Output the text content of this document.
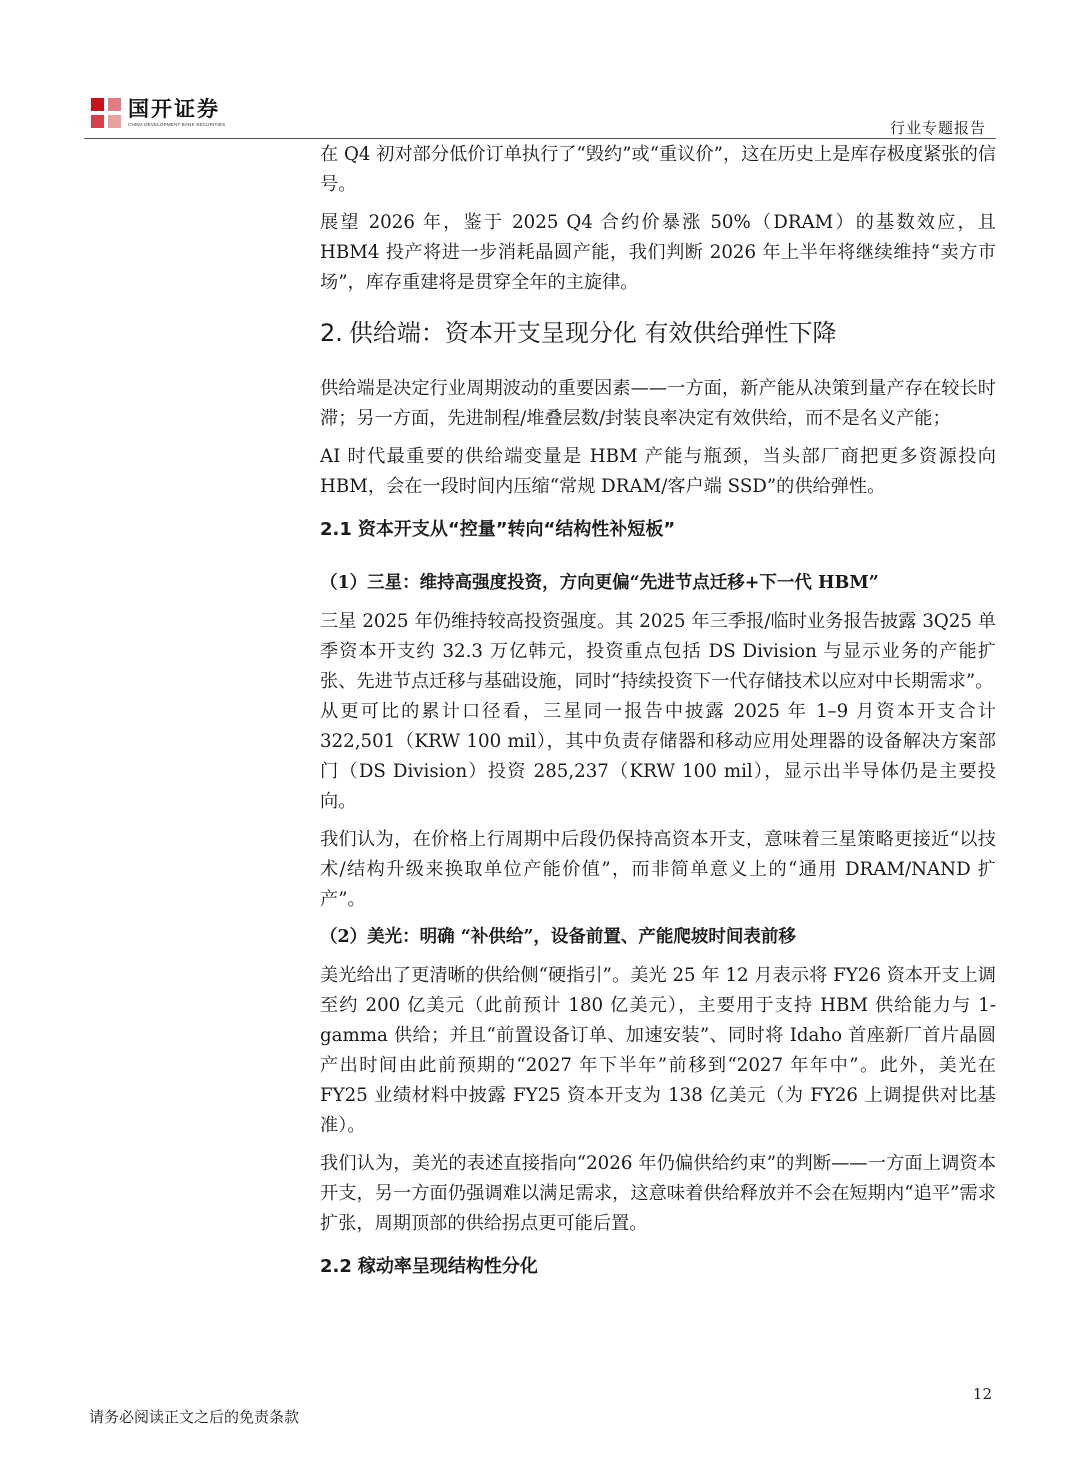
国开证券
CHINA DEVELOPMENT BANK SECURITIES	行业专题报告

在 Q4 初对部分低价订单执行了“毁约”或“重议价”，这在历史上是库存极度紧张的信号。

展望 2026 年，鉴于 2025 Q4 合约价暴涨 50%（DRAM）的基数效应，且 HBM4 投产将进一步消耗晶圆产能，我们判断 2026 年上半年将继续维持“卖方市场”，库存重建将是贯穿全年的主旋律。

2. 供给端：资本开支呈现分化 有效供给弹性下降

供给端是决定行业周期波动的重要因素——一方面，新产能从决策到量产存在较长时滞；另一方面，先进制程/堆叠层数/封装良率决定有效供给，而不是名义产能；

AI 时代最重要的供给端变量是 HBM 产能与瓶颈，当头部厂商把更多资源投向 HBM，会在一段时间内压缩“常规 DRAM/客户端 SSD”的供给弹性。

2.1 资本开支从“控量”转向“结构性补短板”
（1）三星：维持高强度投资，方向更偏“先进节点迁移+下一代 HBM”

三星 2025 年仍维持较高投资强度。其 2025 年三季报/临时业务报告披露 3Q25 单季资本开支约 32.3 万亿韩元，投资重点包括 DS Division 与显示业务的产能扩张、先进节点迁移与基础设施，同时“持续投资下一代存储技术以应对中长期需求”。

从更可比的累计口径看，三星同一报告中披露 2025 年 1–9 月资本开支合计 322,501（KRW 100 mil），其中负责存储器和移动应用处理器的设备解决方案部门（DS Division）投资 285,237（KRW 100 mil），显示出半导体仍是主要投向。

我们认为，在价格上行周期中后段仍保持高资本开支，意味着三星策略更接近“以技术/结构升级来换取单位产能价值”，而非简单意义上的“通用 DRAM/NAND 扩产”。

（2）美光：明确 “补供给”，设备前置、产能爬坡时间表前移

美光给出了更清晰的供给侧“硬指引”。美光 25 年 12 月表示将 FY26 资本开支上调至约 200 亿美元（此前预计 180 亿美元），主要用于支持 HBM 供给能力与 1-gamma 供给；并且“前置设备订单、加速安装”、同时将 Idaho 首座新厂首片晶圆产出时间由此前预期的“2027 年下半年”前移到“2027 年年中”。此外，美光在 FY25 业绩材料中披露 FY25 资本开支为 138 亿美元（为 FY26 上调提供对比基准）。

我们认为，美光的表述直接指向“2026 年仍偏供给约束”的判断——一方面上调资本开支，另一方面仍强调难以满足需求，这意味着供给释放并不会在短期内“追平”需求扩张，周期顶部的供给拐点更可能后置。

2.2 稼动率呈现结构性分化
12
请务必阅读正文之后的免责条款
